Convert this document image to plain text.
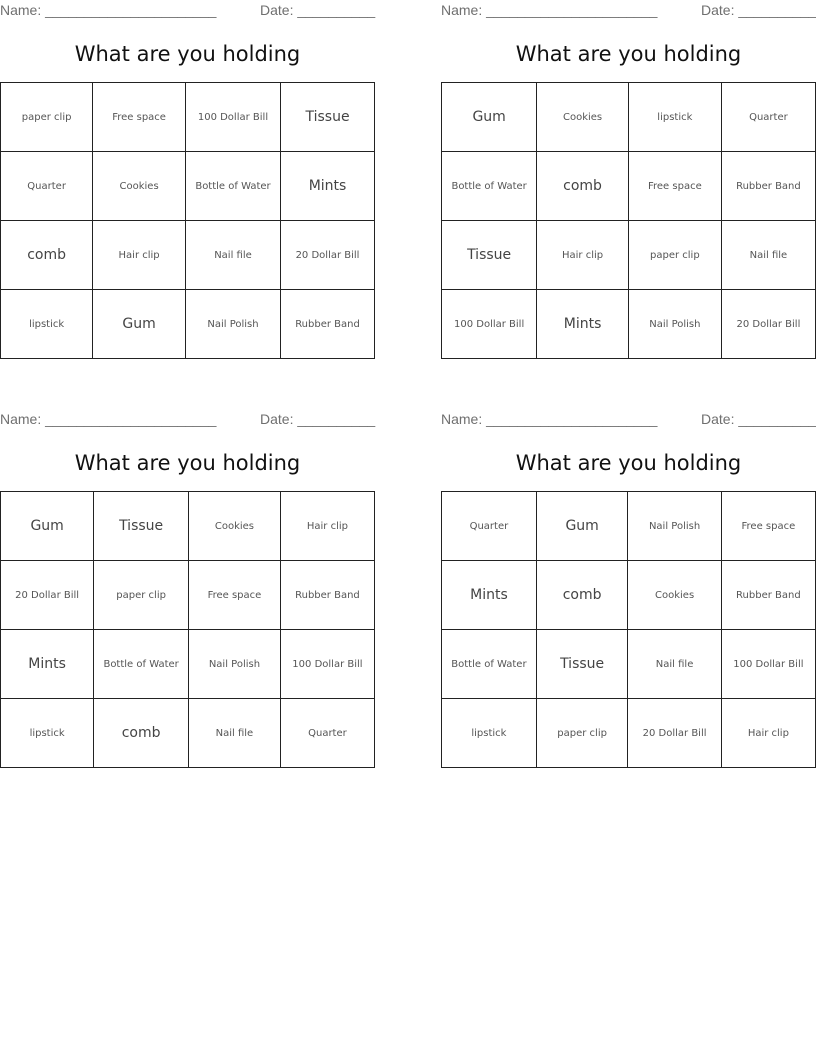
Name: ______________________	Date: __________
What are you holding
paper clip	Free space	100 Dollar Bill	Tissue
Quarter	Cookies	Bottle of Water	Mints
comb	Hair clip	Nail file	20 Dollar Bill
lipstick	Gum	Nail Polish	Rubber Band
Name: ______________________	Date: __________
What are you holding
Gum	Cookies	lipstick	Quarter
Bottle of Water	comb	Free space	Rubber Band
Tissue	Hair clip	paper clip	Nail file
100 Dollar Bill	Mints	Nail Polish	20 Dollar Bill
Name: ______________________	Date: __________
What are you holding
Gum	Tissue	Cookies	Hair clip
20 Dollar Bill	paper clip	Free space	Rubber Band
Mints	Bottle of Water	Nail Polish	100 Dollar Bill
lipstick	comb	Nail file	Quarter
Name: ______________________	Date: __________
What are you holding
Quarter	Gum	Nail Polish	Free space
Mints	comb	Cookies	Rubber Band
Bottle of Water	Tissue	Nail file	100 Dollar Bill
lipstick	paper clip	20 Dollar Bill	Hair clip
